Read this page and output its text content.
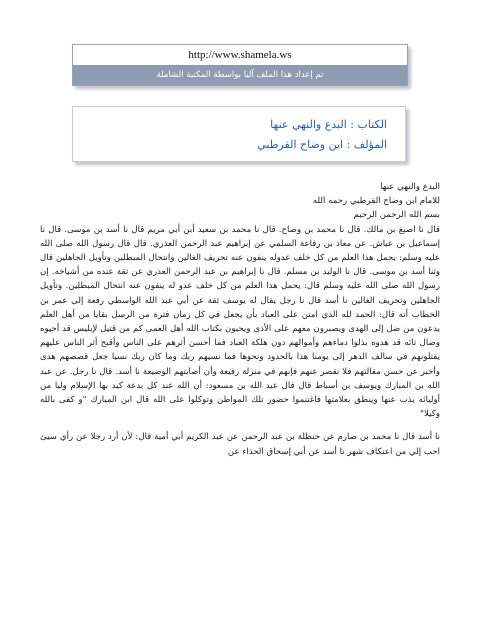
http://www.shamela.ws
تم إعداد هذا الملف آليا بواسطة المكتبة الشاملة
الكتاب : البدع والنهي عنها
المؤلف : ابن وضاح القرطبي

البدع والنهي عنها

للامام ابن وضاح القرطبي رحمه الله

بسم الله الرحمن الرحيم

قال نا اصبغ بن مالك. قال نا محمد بن وضاح. قال نا محمد بن سعيد أبن أبي مريم قال نا أسد بن موسى. قال نا إسماعيل بن عياش. عن معاذ بن رفاعة السلمي عن إبراهيم عبد الرحمن العذري. قال قال رسول الله صلى الله عليه وسلم: يحمل هذا العلم من كل خلف عدوله ينفون عنه تحريف الغالين وانتحال المبطلين وتأويل الجاهلين قال وثنا أسد بن موسى. قال نا الوليد بن مسلم. قال نا إبراهيم بن عبد الرحمن العذري عن ثقة عنده من أشياخه. إن رسول الله صلى الله عليه وسلم قال: يحمل هذا العلم من كل خلف عدو له ينفون عنه انتحال المبطلين. وتأويل الجاهلين وتحريف الغالين نا أسد قال نا رجل يقال له يوسف ثقة عن أبي عبد الله الواسطي رفعة إلى عمر بن الخطاب أنه قال: الحمد لله الذي امتن على العباد بأن يجعل في كل زمان فترة من الرسل بقايا من أهل العلم يدعون من ضل إلى الهدى ويصبرون معهم على الأذى ويحيون بكتاب الله أهل العمى كم من قتيل لإبليس قد أحيوه وضال تائه قد هدوه بذلوا دماءهم وأموالهم دون هلكة العباد فما أحسن أثرهم على الناس وأقبح أثر الناس عليهم يقتلونهم في سالف الدهر إلى يومنا هذا بالحدود ونحوها فما نسيهم ربك وما كان ربك نسيا جعل قصصهم هدى وأخبر عن حسن مقالتهم فلا تقصر عنهم فإنهم في منزلة رفيعة وأن أصابتهم الوضيعة نا أسد. قال نا رجل. عن عبد الله بن المبارك ويوسف بن أسباط قال قال عبد الله بن مسعود: أن الله عند كل بدعة كيد بها الإسلام وليا من أوليائه يذب عنها وينطق بعلامتها فاغتنموا حضور تلك المواطن وتوكلوا على الله قال ابن المبارك "و كفى بالله وكيلا"

نا أسد قال نا محمد بن صارم عن حنظلة بن عبد الرحمن عن عبد الكريم أبي أمية قال: لأن أرد رجلا عن رأي سيئ احب إلي من اعتكاف شهر نا أسد عن أبي إسحاق الحذاء عن
